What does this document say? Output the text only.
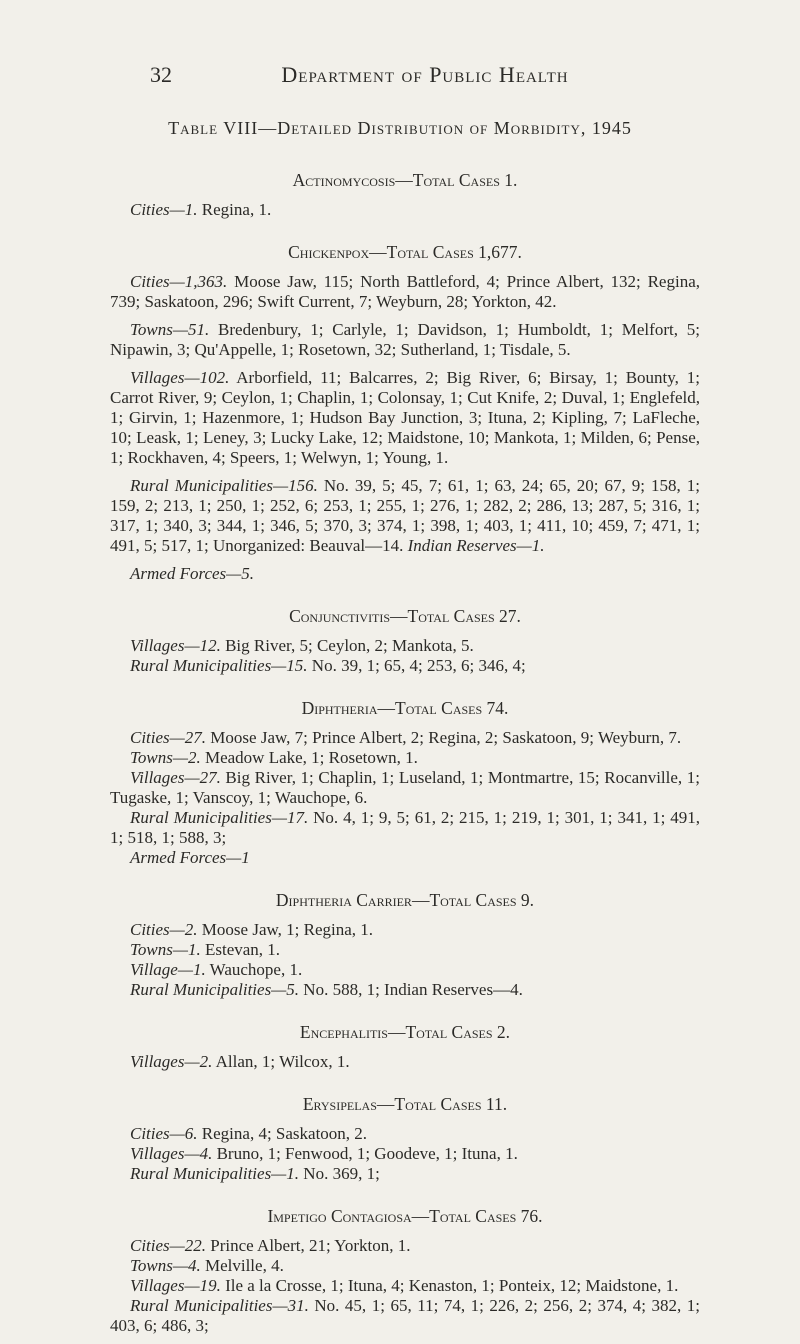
32	Department of Public Health
Table VIII—Detailed Distribution of Morbidity, 1945
Actinomycosis—Total Cases 1.

Cities—1. Regina, 1.

Chickenpox—Total Cases 1,677.

Cities—1,363. Moose Jaw, 115; North Battleford, 4; Prince Albert, 132; Regina, 739; Saskatoon, 296; Swift Current, 7; Weyburn, 28; Yorkton, 42.

Towns—51. Bredenbury, 1; Carlyle, 1; Davidson, 1; Humboldt, 1; Melfort, 5; Nipawin, 3; Qu'Appelle, 1; Rosetown, 32; Sutherland, 1; Tisdale, 5.

Villages—102. Arborfield, 11; Balcarres, 2; Big River, 6; Birsay, 1; Bounty, 1; Carrot River, 9; Ceylon, 1; Chaplin, 1; Colonsay, 1; Cut Knife, 2; Duval, 1; Englefeld, 1; Girvin, 1; Hazenmore, 1; Hudson Bay Junction, 3; Ituna, 2; Kipling, 7; LaFleche, 10; Leask, 1; Leney, 3; Lucky Lake, 12; Maidstone, 10; Mankota, 1; Milden, 6; Pense, 1; Rockhaven, 4; Speers, 1; Welwyn, 1; Young, 1.

Rural Municipalities—156. No. 39, 5; 45, 7; 61, 1; 63, 24; 65, 20; 67, 9; 158, 1; 159, 2; 213, 1; 250, 1; 252, 6; 253, 1; 255, 1; 276, 1; 282, 2; 286, 13; 287, 5; 316, 1; 317, 1; 340, 3; 344, 1; 346, 5; 370, 3; 374, 1; 398, 1; 403, 1; 411, 10; 459, 7; 471, 1; 491, 5; 517, 1; Unorganized: Beauval—14. Indian Reserves—1.

Armed Forces—5.

Conjunctivitis—Total Cases 27.

Villages—12. Big River, 5; Ceylon, 2; Mankota, 5.

Rural Municipalities—15. No. 39, 1; 65, 4; 253, 6; 346, 4;

Diphtheria—Total Cases 74.

Cities—27. Moose Jaw, 7; Prince Albert, 2; Regina, 2; Saskatoon, 9; Weyburn, 7.

Towns—2. Meadow Lake, 1; Rosetown, 1.

Villages—27. Big River, 1; Chaplin, 1; Luseland, 1; Montmartre, 15; Rocanville, 1; Tugaske, 1; Vanscoy, 1; Wauchope, 6.

Rural Municipalities—17. No. 4, 1; 9, 5; 61, 2; 215, 1; 219, 1; 301, 1; 341, 1; 491, 1; 518, 1; 588, 3;

Armed Forces—1

Diphtheria Carrier—Total Cases 9.

Cities—2. Moose Jaw, 1; Regina, 1.

Towns—1. Estevan, 1.

Village—1. Wauchope, 1.

Rural Municipalities—5. No. 588, 1; Indian Reserves—4.

Encephalitis—Total Cases 2.

Villages—2. Allan, 1; Wilcox, 1.

Erysipelas—Total Cases 11.

Cities—6. Regina, 4; Saskatoon, 2.

Villages—4. Bruno, 1; Fenwood, 1; Goodeve, 1; Ituna, 1.

Rural Municipalities—1. No. 369, 1;

Impetigo Contagiosa—Total Cases 76.

Cities—22. Prince Albert, 21; Yorkton, 1.

Towns—4. Melville, 4.

Villages—19. Ile a la Crosse, 1; Ituna, 4; Kenaston, 1; Ponteix, 12; Maidstone, 1.

Rural Municipalities—31. No. 45, 1; 65, 11; 74, 1; 226, 2; 256, 2; 374, 4; 382, 1; 403, 6; 486, 3;
